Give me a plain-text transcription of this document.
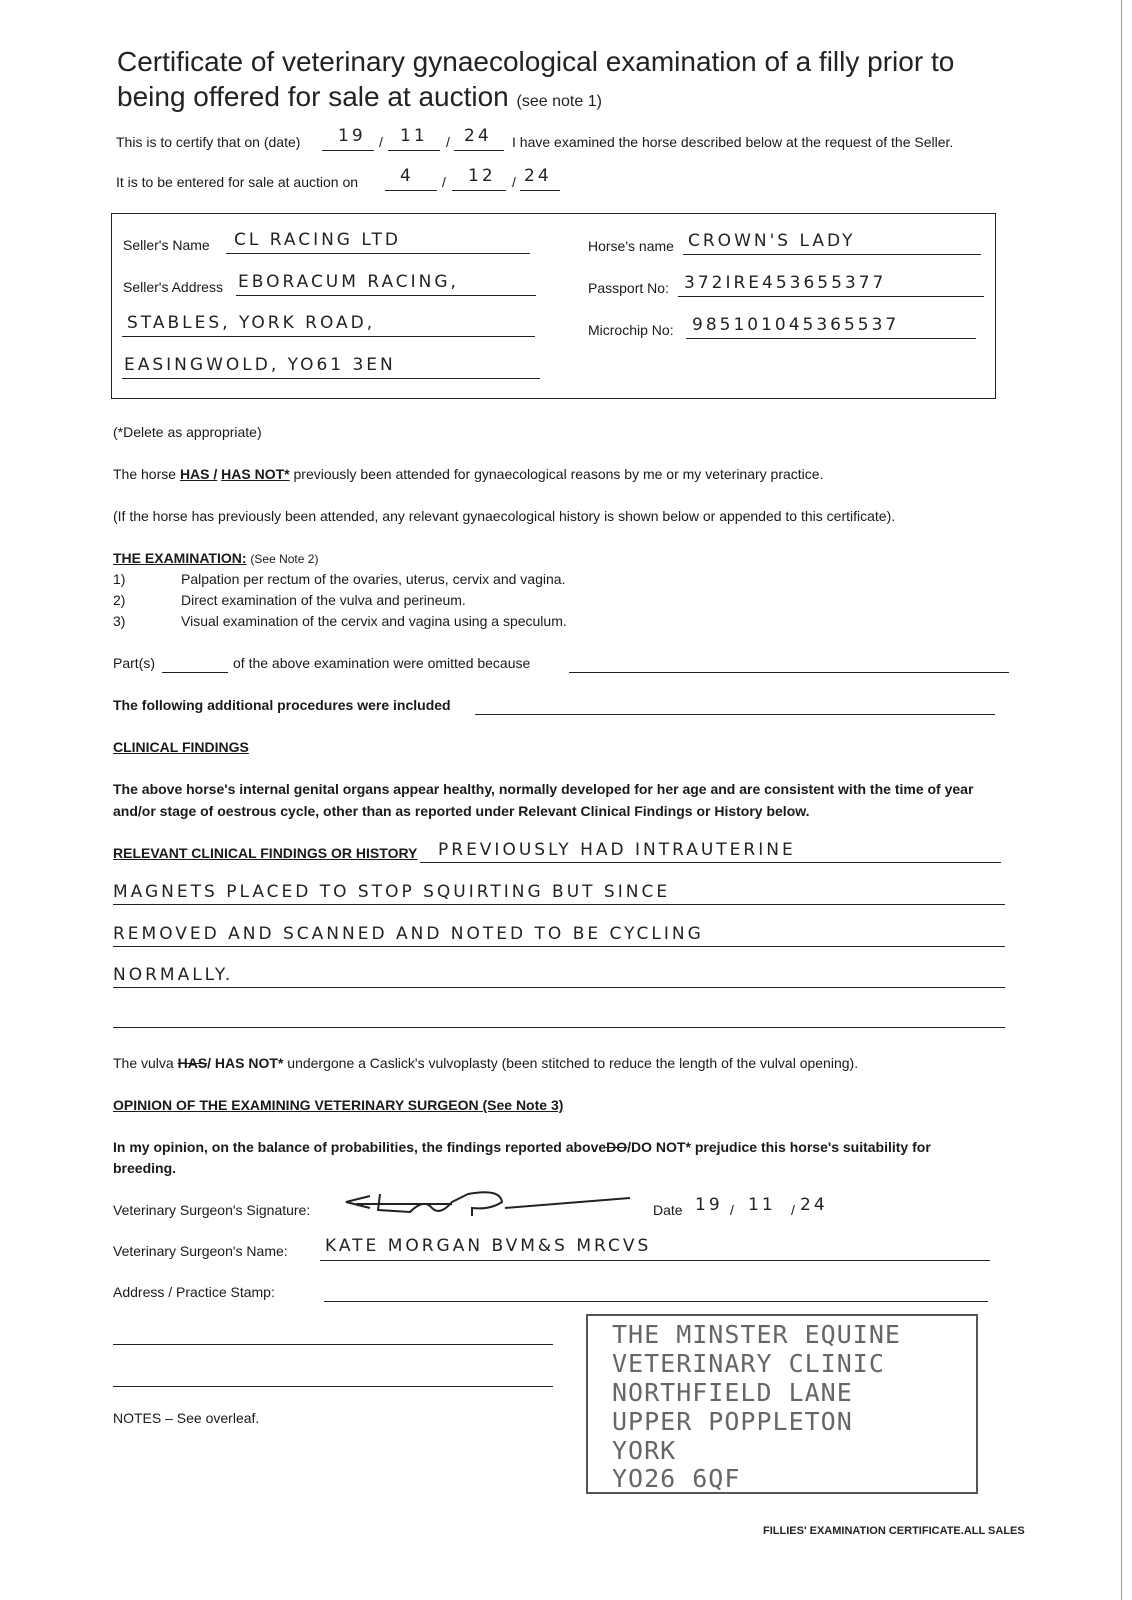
Certificate of veterinary gynaecological examination of a filly prior to
being offered for sale at auction (see note 1)
This is to certify that on (date) 19 / 11 / 24 I have examined the horse described below at the request of the Seller.
It is to be entered for sale at auction on 4 / 12 / 24
Seller's Name CL RACING LTD
Seller's Address EBORACUM RACING,
STABLES, YORK ROAD,
EASINGWOLD, YO61 3EN
Horse's name CROWN'S LADY
Passport No: 372IRE453655377
Microchip No: 985101045365537
(*Delete as appropriate)
The horse HAS / HAS NOT* previously been attended for gynaecological reasons by me or my veterinary practice.
(If the horse has previously been attended, any relevant gynaecological history is shown below or appended to this certificate).
THE EXAMINATION: (See Note 2)
1)	Palpation per rectum of the ovaries, uterus, cervix and vagina.
2)	Direct examination of the vulva and perineum.
3)	Visual examination of the cervix and vagina using a speculum.
Part(s)	of the above examination were omitted because
The following additional procedures were included
CLINICAL FINDINGS
The above horse's internal genital organs appear healthy, normally developed for her age and are consistent with the time of year
and/or stage of oestrous cycle, other than as reported under Relevant Clinical Findings or History below.
RELEVANT CLINICAL FINDINGS OR HISTORY PREVIOUSLY HAD INTRAUTERINE
MAGNETS PLACED TO STOP SQUIRTING BUT SINCE
REMOVED AND SCANNED AND NOTED TO BE CYCLING
NORMALLY.
The vulva HAS/ HAS NOT* undergone a Caslick's vulvoplasty (been stitched to reduce the length of the vulval opening).
OPINION OF THE EXAMINING VETERINARY SURGEON (See Note 3)
In my opinion, on the balance of probabilities, the findings reported aboveDO/DO NOT* prejudice this horse's suitability for
breeding.
Veterinary Surgeon's Signature:	Date 19 / 11 / 24
Veterinary Surgeon's Name: KATE MORGAN BVM&S MRCVS
Address / Practice Stamp:
NOTES – See overleaf.
THE MINSTER EQUINE
VETERINARY CLINIC
NORTHFIELD LANE
UPPER POPPLETON
YORK
YO26 6QF
FILLIES' EXAMINATION CERTIFICATE.ALL SALES
